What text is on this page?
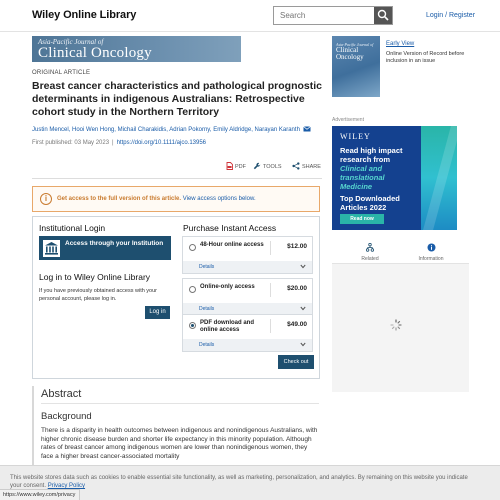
Wiley Online Library
Search	Login / Register
Asia-Pacific Journal of
Clinical Oncology
ORIGINAL ARTICLE
Breast cancer characteristics and pathological prognostic determinants in indigenous Australians: Retrospective cohort study in the Northern Territory
Justin Mencel, Hooi Wen Hong, Michail Charakidis, Adrian Pokorny, Emily Aldridge, Narayan Karanth
First published: 03 May 2023 | https://doi.org/10.1111/ajco.13956
PDF	TOOLS	SHARE
i	Get access to the full version of this article. View access options below.
Institutional Login
Access through your Institution
Log in to Wiley Online Library
If you have previously obtained access with your personal account, please log in.
Log in
Purchase Instant Access
48-Hour online access	$12.00
Details
Online-only access	$20.00
Details
PDF download and online access
$49.00
Details
Check out
Asia-Pacific Journal of
Clinical Oncology
Early View
Online Version of Record before inclusion in an issue
Advertisement
WILEY
Read high impact
research from
Clinical and
translational
Medicine
Top Downloaded Articles 2022
Read now
Related	Information
Abstract
Background
There is a disparity in health outcomes between indigenous and nonindigenous Australians, with higher chronic disease burden and shorter life expectancy in this minority population. Although rates of breast cancer among indigenous women are lower than nonindigenous women, they face a higher breast cancer-associated mortality
This website stores data such as cookies to enable essential site functionality, as well as marketing, personalization, and analytics. By remaining on this website you indicate your consent. Privacy Policy
https://www.wiley.com/privacy
